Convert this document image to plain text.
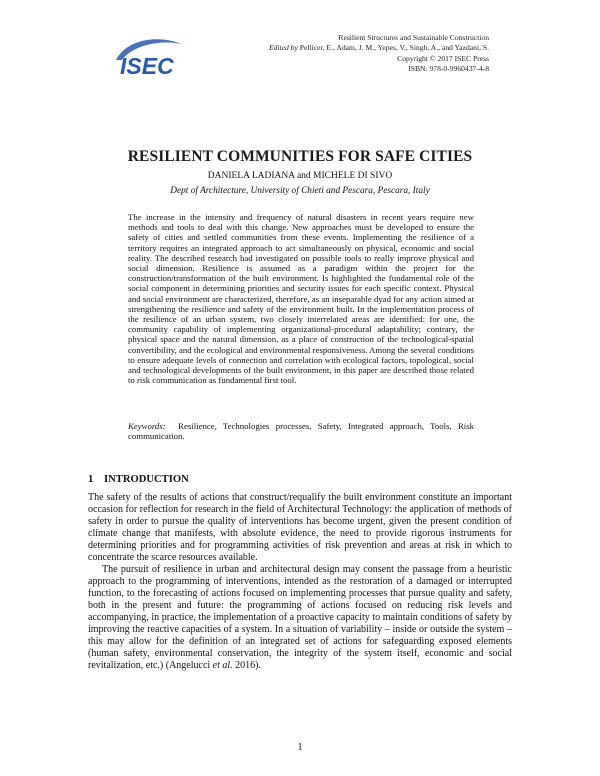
ISEC
Resilient Structures and Sustainable Construction
Edited by Pellicer, E., Adam, J. M., Yepes, V., Singh, A., and Yazdani, S.
Copyright © 2017 ISEC Press
ISBN: 978-0-9960437-4-8
RESILIENT COMMUNITIES FOR SAFE CITIES
DANIELA LADIANA and MICHELE DI SIVO
Dept of Architecture, University of Chieti and Pescara, Pescara, Italy
The increase in the intensity and frequency of natural disasters in recent years require new methods and tools to deal with this change. New approaches must be developed to ensure the safety of cities and settled communities from these events. Implementing the resilience of a territory requires an integrated approach to act simultaneously on physical, economic and social reality. The described research had investigated on possible tools to really improve physical and social dimension. Resilience is assumed as a paradigm within the project for the construction/transformation of the built environment. Is highlighted the fundamental role of the social component in determining priorities and security issues for each specific context. Physical and social environment are characterized, therefore, as an inseparable dyad for any action aimed at strengthening the resilience and safety of the environment built. In the implementation process of the resilience of an urban system, two closely interrelated areas are identified: for one, the community capability of implementing organizational-procedural adaptability; contrary, the physical space and the natural dimension, as a place of construction of the technological-spatial convertibility, and the ecological and environmental responsiveness. Among the several conditions to ensure adequate levels of connection and correlation with ecological factors, topological, social and technological developments of the built environment, in this paper are described those related to risk communication as fundamental first tool.
Keywords: Resilience, Technologies processes, Safety, Integrated approach, Tools, Risk communication.
1 INTRODUCTION

The safety of the results of actions that construct/requalify the built environment constitute an important occasion for reflection for research in the field of Architectural Technology: the application of methods of safety in order to pursue the quality of interventions has become urgent, given the present condition of climate change that manifests, with absolute evidence, the need to provide rigorous instruments for determining priorities and for programming activities of risk prevention and areas at risk in which to concentrate the scarce resources available.

The pursuit of resilience in urban and architectural design may consent the passage from a heuristic approach to the programming of interventions, intended as the restoration of a damaged or interrupted function, to the forecasting of actions focused on implementing processes that pursue quality and safety, both in the present and future: the programming of actions focused on reducing risk levels and accompanying, in practice, the implementation of a proactive capacity to maintain conditions of safety by improving the reactive capacities of a system. In a situation of variability – inside or outside the system – this may allow for the definition of an integrated set of actions for safeguarding exposed elements (human safety, environmental conservation, the integrity of the system itself, economic and social revitalization, etc.) (Angelucci et al. 2016).

1
